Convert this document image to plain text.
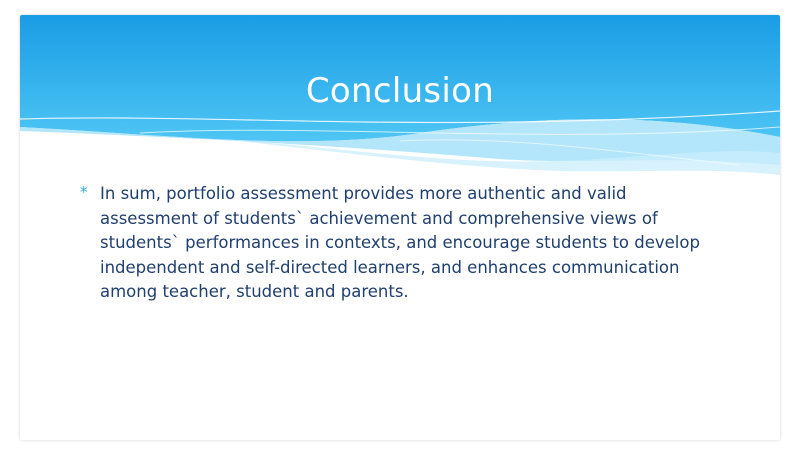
Conclusion
* In sum, portfolio assessment provides more authentic and valid assessment of students` achievement and comprehensive views of students` performances in contexts, and encourage students to develop independent and self-directed learners, and enhances communication among teacher, student and parents.
